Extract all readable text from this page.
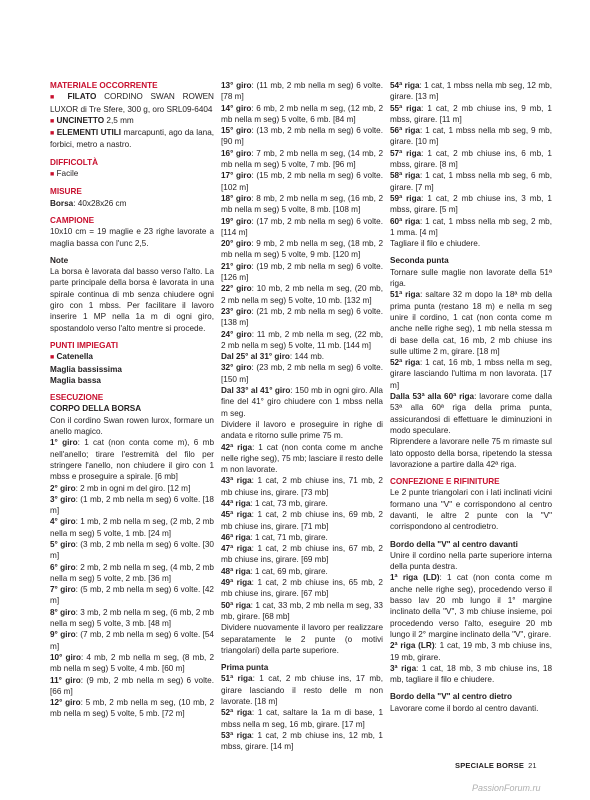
MATERIALE OCCORRENTE

■ FILATO CORDINO SWAN ROWEN LUXOR di Tre Sfere, 300 g, oro SRL09-6404

■ UNCINETTO 2,5 mm

■ ELEMENTI UTILI marcapunti, ago da lana, forbici, metro a nastro.

DIFFICOLTÀ

■ Facile

MISURE

Borsa: 40x28x26 cm

CAMPIONE

10x10 cm = 19 maglie e 23 righe lavorate a maglia bassa con l'unc 2,5.

Note

La borsa è lavorata dal basso verso l'alto. La parte principale della borsa è lavorata in una spirale continua di mb senza chiudere ogni giro con 1 mbss. Per facilitare il lavoro inserire 1 MP nella 1a m di ogni giro, spostandolo verso l'alto mentre si procede.

PUNTI IMPIEGATI

■ Catenella

Maglia bassissima

Maglia bassa

ESECUZIONE

CORPO DELLA BORSA

Con il cordino Swan rowen lurox, formare un anello magico.

1° giro: 1 cat (non conta come m), 6 mb nell'anello; tirare l'estremità del filo per stringere l'anello, non chiudere il giro con 1 mbss e proseguire a spirale. [6 mb]

2° giro: 2 mb in ogni m del giro. [12 m]

3° giro: (1 mb, 2 mb nella m seg) 6 volte. [18 m]

4° giro: 1 mb, 2 mb nella m seg, (2 mb, 2 mb nella m seg) 5 volte, 1 mb. [24 m]

5° giro: (3 mb, 2 mb nella m seg) 6 volte. [30 m]

6° giro: 2 mb, 2 mb nella m seg, (4 mb, 2 mb nella m seg) 5 volte, 2 mb. [36 m]

7° giro: (5 mb, 2 mb nella m seg) 6 volte. [42 m]

8° giro: 3 mb, 2 mb nella m seg, (6 mb, 2 mb nella m seg) 5 volte, 3 mb. [48 m]

9° giro: (7 mb, 2 mb nella m seg) 6 volte. [54 m]

10° giro: 4 mb, 2 mb nella m seg, (8 mb, 2 mb nella m seg) 5 volte, 4 mb. [60 m]

11° giro: (9 mb, 2 mb nella m seg) 6 volte. [66 m]

12° giro: 5 mb, 2 mb nella m seg, (10 mb, 2 mb nella m seg) 5 volte, 5 mb. [72 m]

13° giro: (11 mb, 2 mb nella m seg) 6 volte. [78 m]

14° giro: 6 mb, 2 mb nella m seg, (12 mb, 2 mb nella m seg) 5 volte, 6 mb. [84 m]

15° giro: (13 mb, 2 mb nella m seg) 6 volte. [90 m]

16° giro: 7 mb, 2 mb nella m seg, (14 mb, 2 mb nella m seg) 5 volte, 7 mb. [96 m]

17° giro: (15 mb, 2 mb nella m seg) 6 volte. [102 m]

18° giro: 8 mb, 2 mb nella m seg, (16 mb, 2 mb nella m seg) 5 volte, 8 mb. [108 m]

19° giro: (17 mb, 2 mb nella m seg) 6 volte. [114 m]

20° giro: 9 mb, 2 mb nella m seg, (18 mb, 2 mb nella m seg) 5 volte, 9 mb. [120 m]

21° giro: (19 mb, 2 mb nella m seg) 6 volte. [126 m]

22° giro: 10 mb, 2 mb nella m seg, (20 mb, 2 mb nella m seg) 5 volte, 10 mb. [132 m]

23° giro: (21 mb, 2 mb nella m seg) 6 volte. [138 m]

24° giro: 11 mb, 2 mb nella m seg, (22 mb, 2 mb nella m seg) 5 volte, 11 mb. [144 m]

Dal 25° al 31° giro: 144 mb.

32° giro: (23 mb, 2 mb nella m seg) 6 volte. [150 m]

Dal 33° al 41° giro: 150 mb in ogni giro. Alla fine del 41° giro chiudere con 1 mbss nella m seg.

Dividere il lavoro e proseguire in righe di andata e ritorno sulle prime 75 m.

42ª riga: 1 cat (non conta come m anche nelle righe seg), 75 mb; lasciare il resto delle m non lavorate.

43ª riga: 1 cat, 2 mb chiuse ins, 71 mb, 2 mb chiuse ins, girare. [73 mb]

44ª riga: 1 cat, 73 mb, girare.

45ª riga: 1 cat, 2 mb chiuse ins, 69 mb, 2 mb chiuse ins, girare. [71 mb]

46ª riga: 1 cat, 71 mb, girare.

47ª riga: 1 cat, 2 mb chiuse ins, 67 mb, 2 mb chiuse ins, girare. [69 mb]

48ª riga: 1 cat, 69 mb, girare.

49ª riga: 1 cat, 2 mb chiuse ins, 65 mb, 2 mb chiuse ins, girare. [67 mb]

50ª riga: 1 cat, 33 mb, 2 mb nella m seg, 33 mb, girare. [68 mb]

Dividere nuovamente il lavoro per realizzare separatamente le 2 punte (o motivi triangolari) della parte superiore.

Prima punta

51ª riga: 1 cat, 2 mb chiuse ins, 17 mb, girare lasciando il resto delle m non lavorate. [18 m]

52ª riga: 1 cat, saltare la 1a m di base, 1 mbss nella m seg, 16 mb, girare. [17 m]

53ª riga: 1 cat, 2 mb chiuse ins, 12 mb, 1 mbss, girare. [14 m]

54ª riga: 1 cat, 1 mbss nella mb seg, 12 mb, girare. [13 m]

55ª riga: 1 cat, 2 mb chiuse ins, 9 mb, 1 mbss, girare. [11 m]

56ª riga: 1 cat, 1 mbss nella mb seg, 9 mb, girare. [10 m]

57ª riga: 1 cat, 2 mb chiuse ins, 6 mb, 1 mbss, girare. [8 m]

58ª riga: 1 cat, 1 mbss nella mb seg, 6 mb, girare. [7 m]

59ª riga: 1 cat, 2 mb chiuse ins, 3 mb, 1 mbss, girare. [5 m]

60ª riga: 1 cat, 1 mbss nella mb seg, 2 mb, 1 mma. [4 m]

Tagliare il filo e chiudere.

Seconda punta

Tornare sulle maglie non lavorate della 51ª riga.

51ª riga: saltare 32 m dopo la 18ª mb della prima punta (restano 18 m) e nella m seg unire il cordino, 1 cat (non conta come m anche nelle righe seg), 1 mb nella stessa m di base della cat, 16 mb, 2 mb chiuse ins sulle ultime 2 m, girare. [18 m]

52ª riga: 1 cat, 16 mb, 1 mbss nella m seg, girare lasciando l'ultima m non lavorata. [17 m]

Dalla 53ª alla 60ª riga: lavorare come dalla 53ª alla 60ª riga della prima punta, assicurandosi di effettuare le diminuzioni in modo speculare.

Riprendere a lavorare nelle 75 m rimaste sul lato opposto della borsa, ripetendo la stessa lavorazione a partire dalla 42ª riga.

CONFEZIONE E RIFINITURE

Le 2 punte triangolari con i lati inclinati vicini formano una "V" e corrispondono al centro davanti, le altre 2 punte con la "V" corrispondono al centrodietro.

Bordo della "V" al centro davanti

Unire il cordino nella parte superiore interna della punta destra.

1ª riga (LD): 1 cat (non conta come m anche nelle righe seg), procedendo verso il basso lav 20 mb lungo il 1° margine inclinato della "V", 3 mb chiuse insieme, poi procedendo verso l'alto, eseguire 20 mb lungo il 2° margine inclinato della "V", girare.

2ª riga (LR): 1 cat, 19 mb, 3 mb chiuse ins, 19 mb, girare.

3ª riga: 1 cat, 18 mb, 3 mb chiuse ins, 18 mb, tagliare il filo e chiudere.

Bordo della "V" al centro dietro

Lavorare come il bordo al centro davanti.

SPECIALE BORSE 21
PassionForum.ru
